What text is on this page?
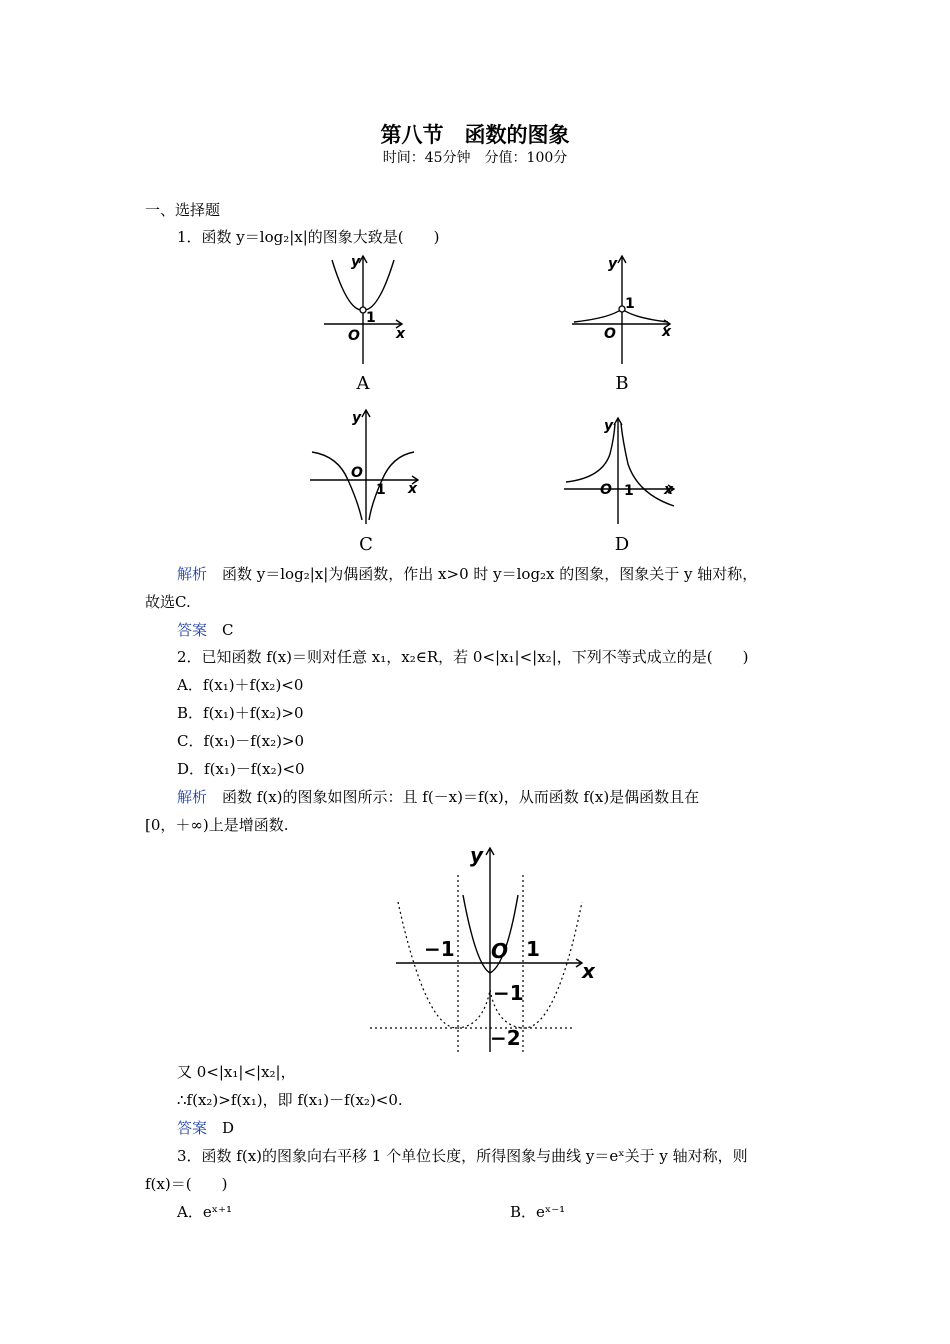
第八节　函数的图象
时间：45分钟　分值：100分
一、选择题
1．函数 y＝log₂|x|的图象大致是(　　)
y
x
O
1
A
y
x
O
1
B
y
x
O
1
C
y
x
O 1
D
解析　函数 y＝log₂|x|为偶函数，作出 x>0 时 y＝log₂x 的图象，图象关于 y 轴对称，
故选C.
答案　C
2．已知函数 f(x)＝则对任意 x₁，x₂∈R，若 0<|x₁|<|x₂|，下列不等式成立的是(　　)
A．f(x₁)＋f(x₂)<0
B．f(x₁)＋f(x₂)>0
C．f(x₁)－f(x₂)>0
D．f(x₁)－f(x₂)<0
解析　函数 f(x)的图象如图所示：且 f(－x)＝f(x)，从而函数 f(x)是偶函数且在
[0，＋∞)上是增函数.
y
x
O
−1	1
−1
−2
又 0<|x₁|<|x₂|，
∴f(x₂)>f(x₁)，即 f(x₁)－f(x₂)<0.
答案　D
3．函数 f(x)的图象向右平移 1 个单位长度，所得图象与曲线 y＝eˣ关于 y 轴对称，则
f(x)＝(　　)
A．eˣ⁺¹	B．eˣ⁻¹
